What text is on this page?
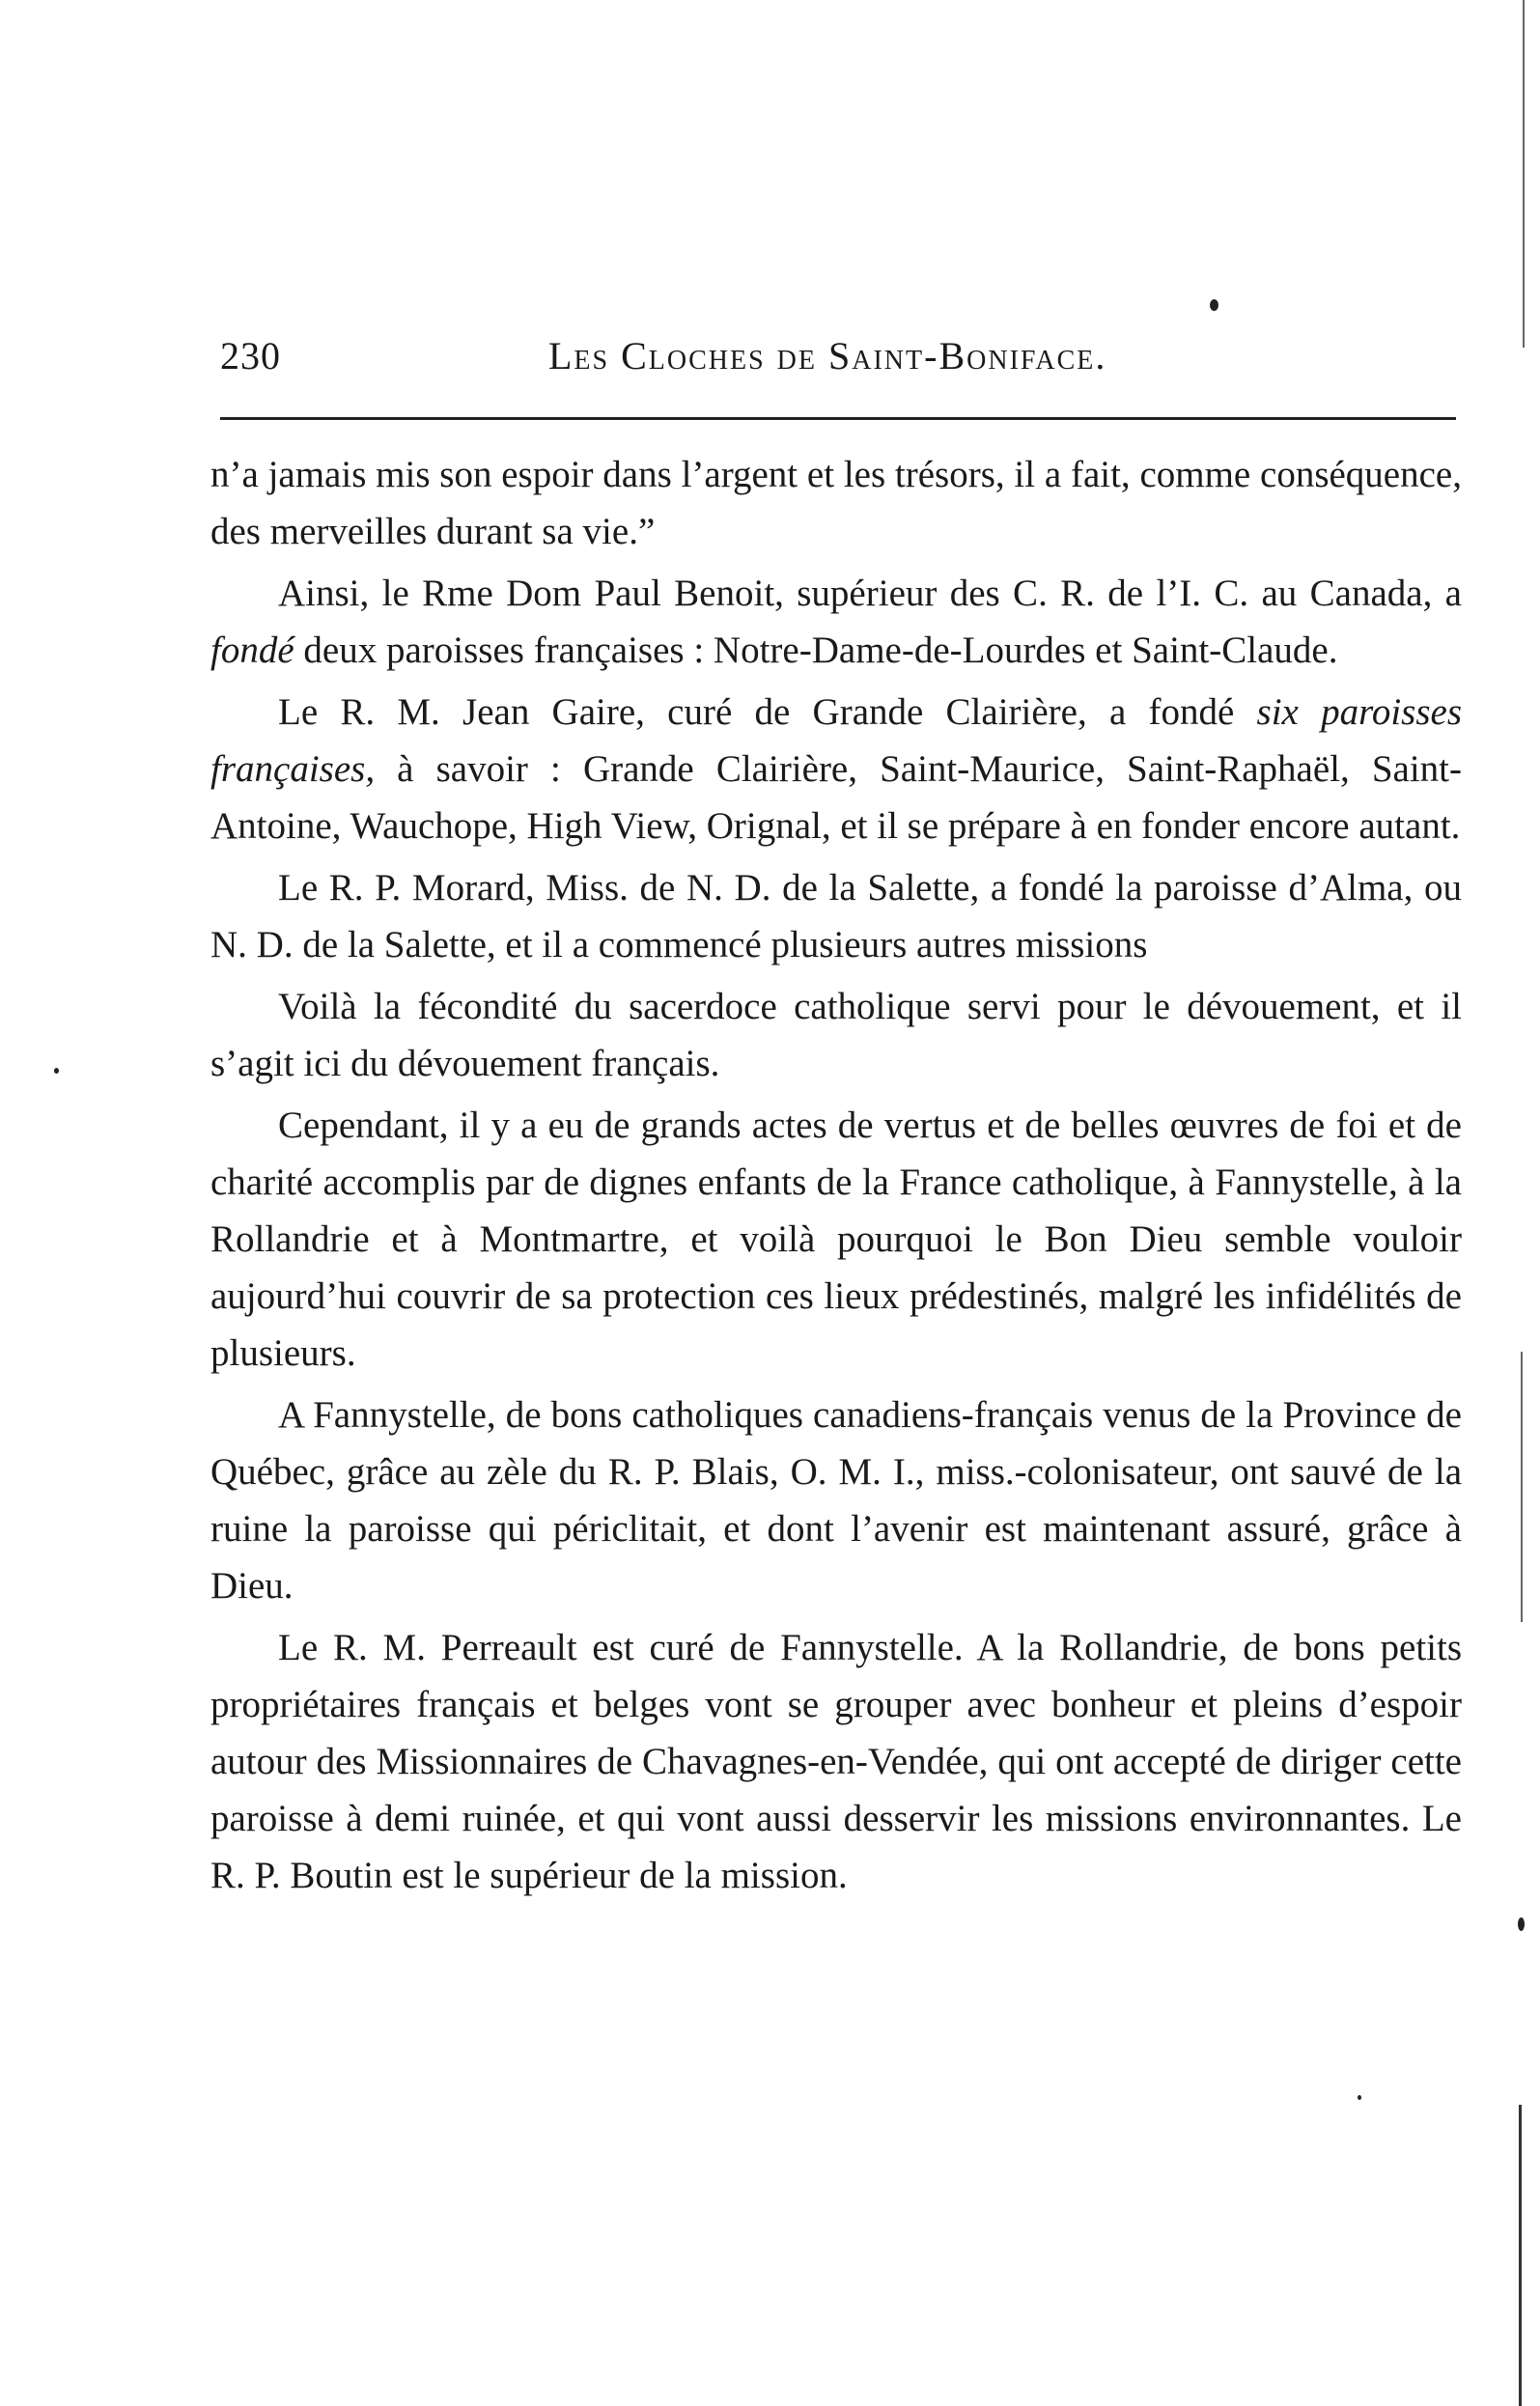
230	Les Cloches de Saint-Boniface.

n’a jamais mis son espoir dans l’argent et les trésors, il a fait, comme conséquence, des merveilles durant sa vie.”

Ainsi, le Rme Dom Paul Benoit, supérieur des C. R. de l’I. C. au Canada, a fondé deux paroisses françaises : Notre-Dame-de-Lourdes et Saint-Claude.

Le R. M. Jean Gaire, curé de Grande Clairière, a fondé six paroisses françaises, à savoir : Grande Clairière, Saint-Maurice, Saint-Raphaël, Saint-Antoine, Wauchope, High View, Orignal, et il se prépare à en fonder encore autant.

Le R. P. Morard, Miss. de N. D. de la Salette, a fondé la paroisse d’Alma, ou N. D. de la Salette, et il a commencé plusieurs autres missions

Voilà la fécondité du sacerdoce catholique servi pour le dévouement, et il s’agit ici du dévouement français.

Cependant, il y a eu de grands actes de vertus et de belles œuvres de foi et de charité accomplis par de dignes enfants de la France catholique, à Fannystelle, à la Rollandrie et à Montmartre, et voilà pourquoi le Bon Dieu semble vouloir aujourd’hui couvrir de sa protection ces lieux prédestinés, malgré les infidélités de plusieurs.

A Fannystelle, de bons catholiques canadiens-français venus de la Province de Québec, grâce au zèle du R. P. Blais, O. M. I., miss.-colonisateur, ont sauvé de la ruine la paroisse qui périclitait, et dont l’avenir est maintenant assuré, grâce à Dieu.

Le R. M. Perreault est curé de Fannystelle. A la Rollandrie, de bons petits propriétaires français et belges vont se grouper avec bonheur et pleins d’espoir autour des Missionnaires de Chavagnes-en-Vendée, qui ont accepté de diriger cette paroisse à demi ruinée, et qui vont aussi desservir les missions environnantes. Le R. P. Boutin est le supérieur de la mission.
